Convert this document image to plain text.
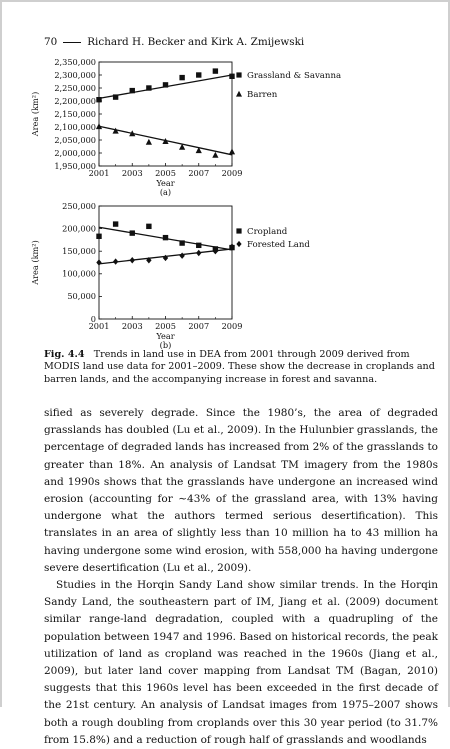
70	Richard H. Becker and Kirk A. Zmijewski
1,950,000
2,000,000
2,050,000
2,100,000
2,150,000
2,200,000
2,250,000
2,300,000
2,350,000
2001 2003 2005 2007 2009
Year
(a)
Area (km²)
Grassland & Savanna
Barren
0
50,000
100,000
150,000
200,000
250,000
2001 2003 2005 2007 2009
Year
(b)
Area (km²)
Cropland
Forested Land
Fig. 4.4 Trends in land use in DEA from 2001 through 2009 derived from MODIS land use data for 2001–2009. These show the decrease in croplands and barren lands, and the accompanying increase in forest and savanna.

sified as severely degrade. Since the 1980’s, the area of degraded grasslands has doubled (Lu et al., 2009). In the Hulunbier grasslands, the percentage of degraded lands has increased from 2% of the grasslands to greater than 18%. An analysis of Landsat TM imagery from the 1980s and 1990s shows that the grasslands have undergone an increased wind erosion (accounting for ∼43% of the grassland area, with 13% having undergone what the authors termed serious desertification). This translates in an area of slightly less than 10 million ha to 43 million ha having undergone some wind erosion, with 558,000 ha having undergone severe desertification (Lu et al., 2009).

Studies in the Horqin Sandy Land show similar trends. In the Horqin Sandy Land, the southeastern part of IM, Jiang et al. (2009) document similar range-land degradation, coupled with a quadrupling of the population between 1947 and 1996. Based on historical records, the peak utilization of land as cropland was reached in the 1960s (Jiang et al., 2009), but later land cover mapping from Landsat TM (Bagan, 2010) suggests that this 1960s level has been exceeded in the first decade of the 21st century. An analysis of Landsat images from 1975–2007 shows both a rough doubling from croplands over this 30 year period (to 31.7% from 15.8%) and a reduction of rough half of grasslands and woodlands
